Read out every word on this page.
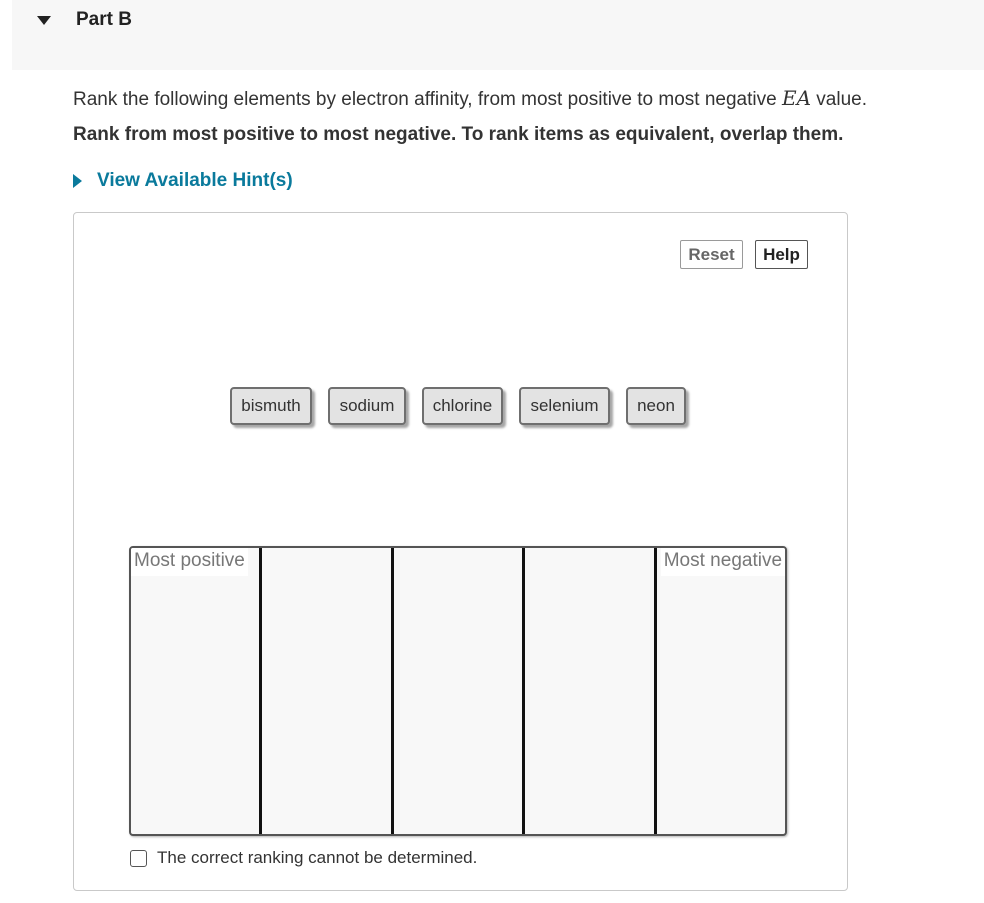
Part B
Rank the following elements by electron affinity, from most positive to most negative EA value.
Rank from most positive to most negative. To rank items as equivalent, overlap them.
View Available Hint(s)
Reset	Help
bismuth	sodium	chlorine	selenium	neon
Most positive	Most negative
The correct ranking cannot be determined.
